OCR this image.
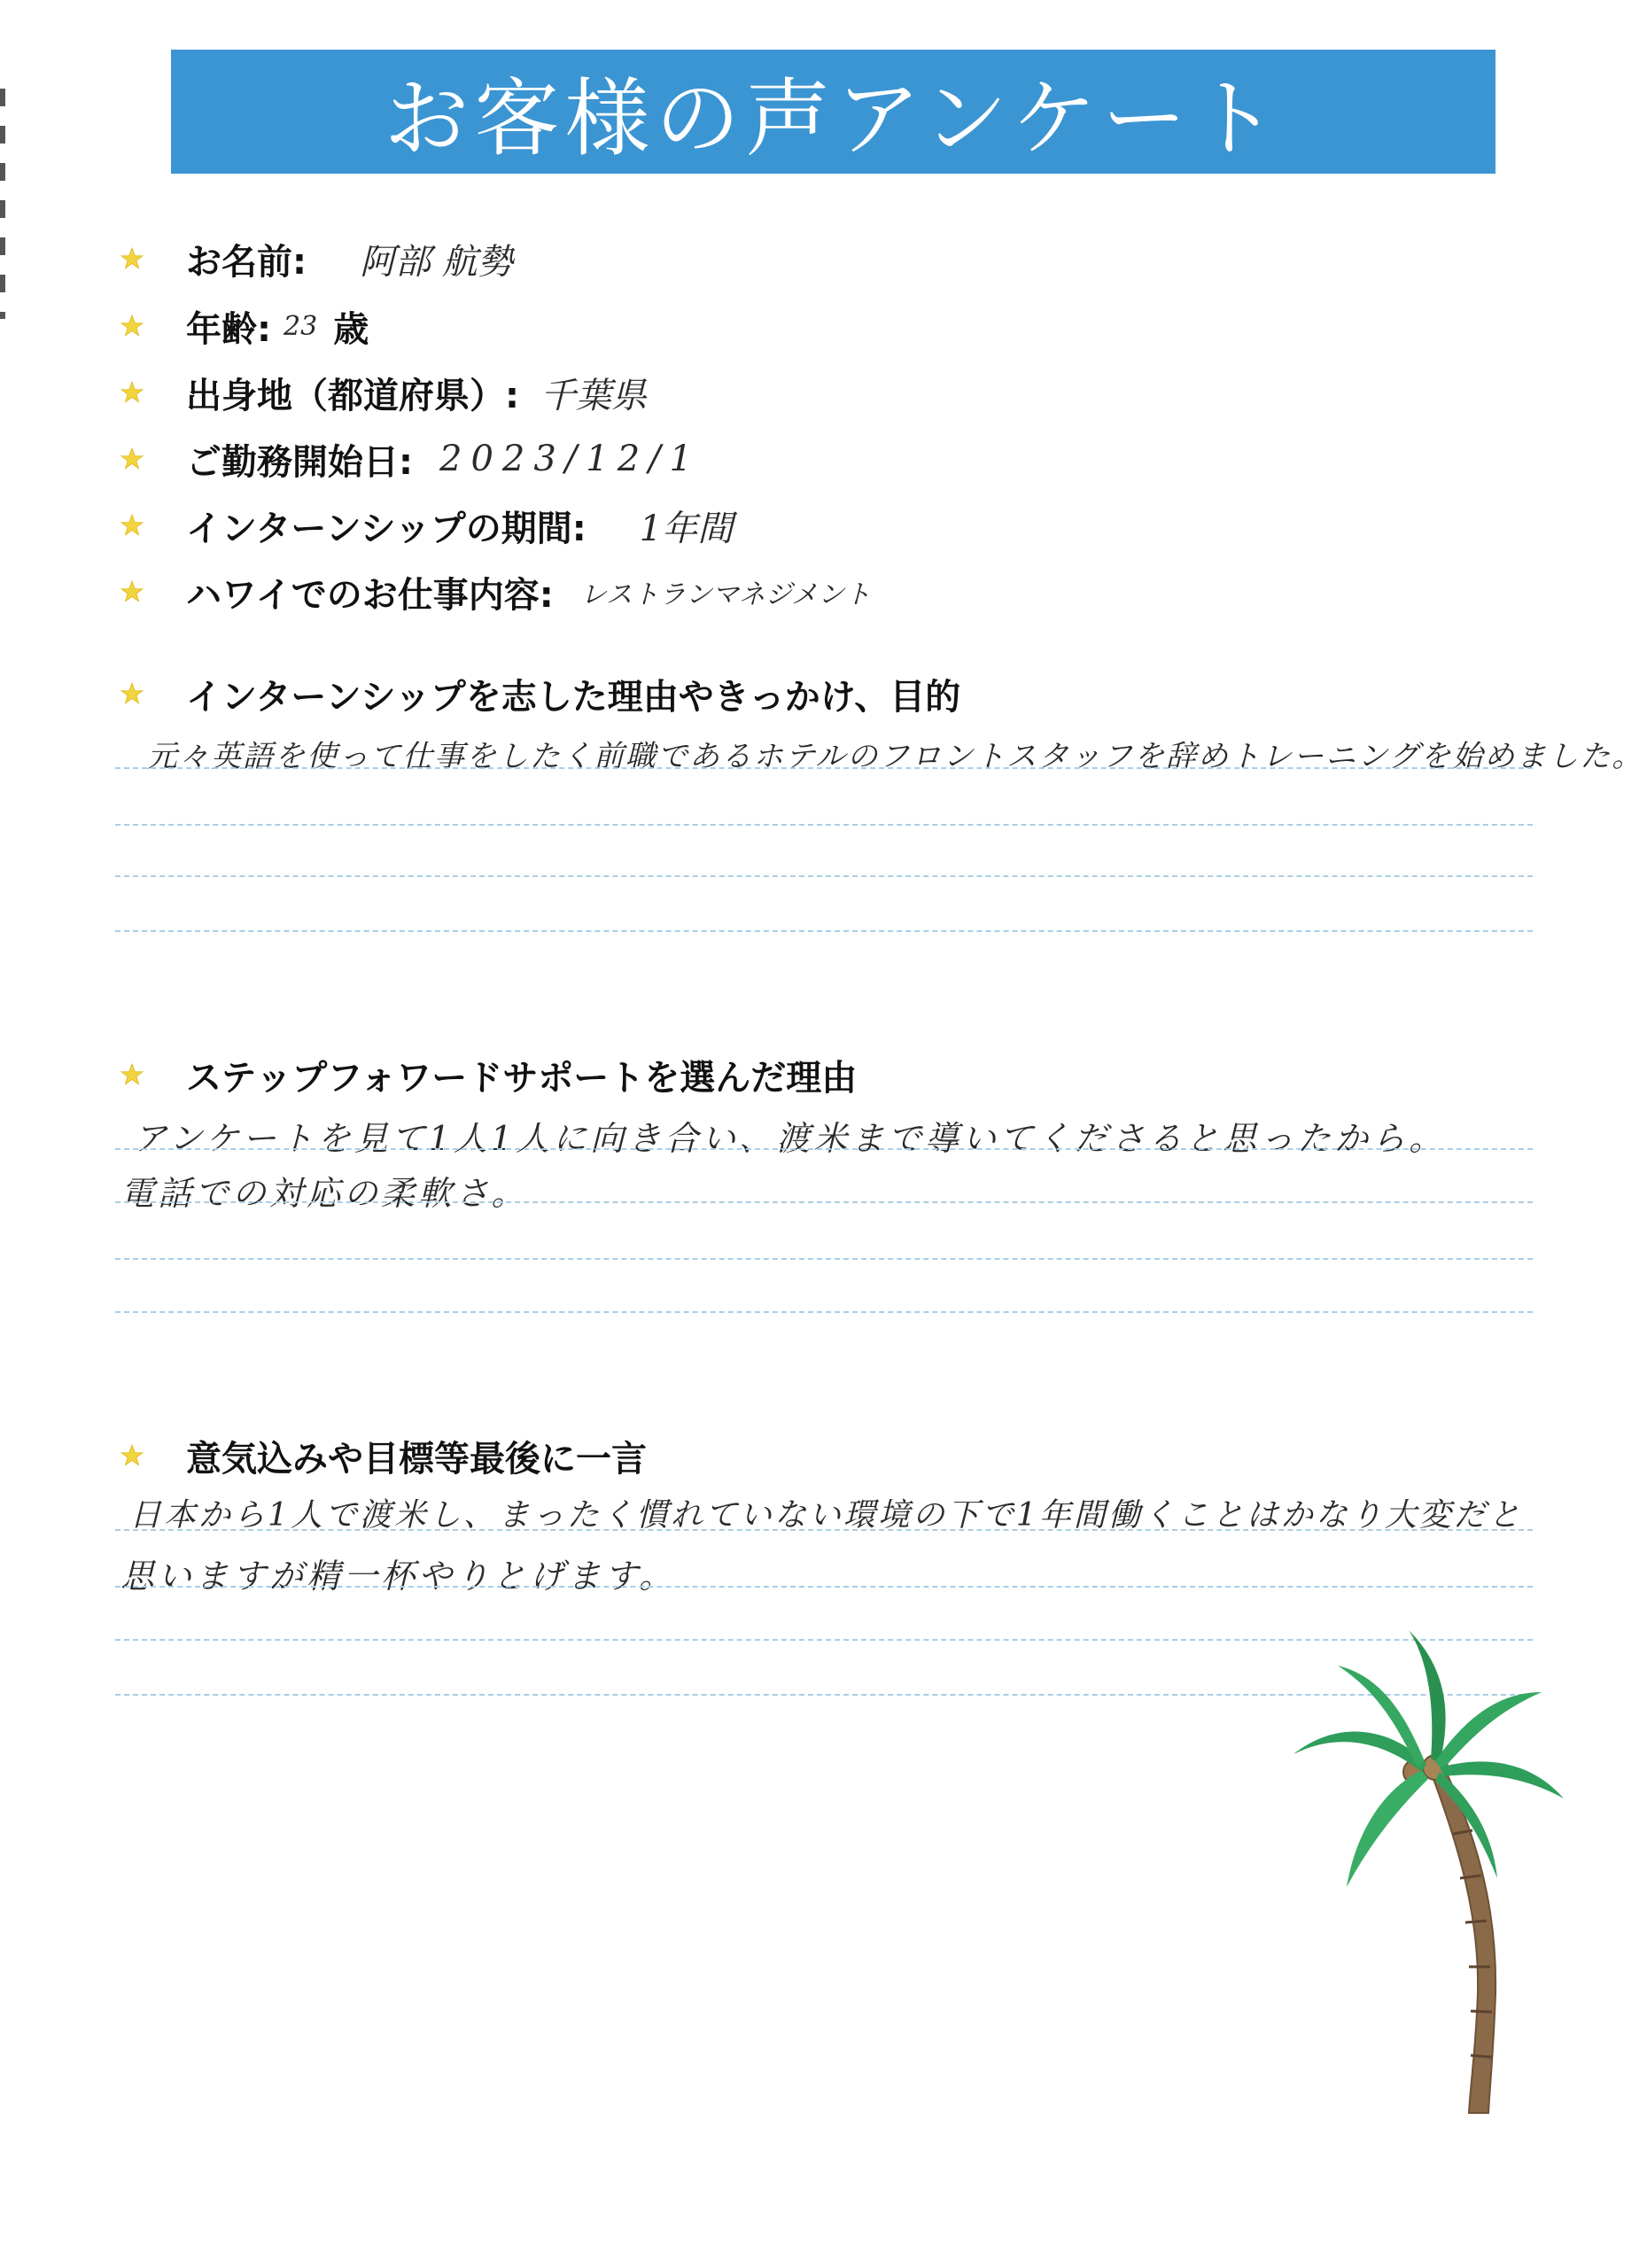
お客様の声アンケート
お名前: 阿部 航勢
年齢: 23 歳
出身地（都道府県）: 千葉県
ご勤務開始日: 2023/12/1
インターンシップの期間: 1年間
ハワイでのお仕事内容: レストランマネジメント
インターンシップを志した理由やきっかけ、目的
元々英語を使って仕事をしたく前職であるホテルのフロントスタッフを辞めトレーニングを始めました。
ステップフォワードサポートを選んだ理由
アンケートを見て1人1人に向き合い、渡米まで導いてくださると思ったから。
電話での対応の柔軟さ。
意気込みや目標等最後に一言
日本から1人で渡米し、まったく慣れていない環境の下で1年間働くことはかなり大変だと
思いますが精一杯やりとげます。
